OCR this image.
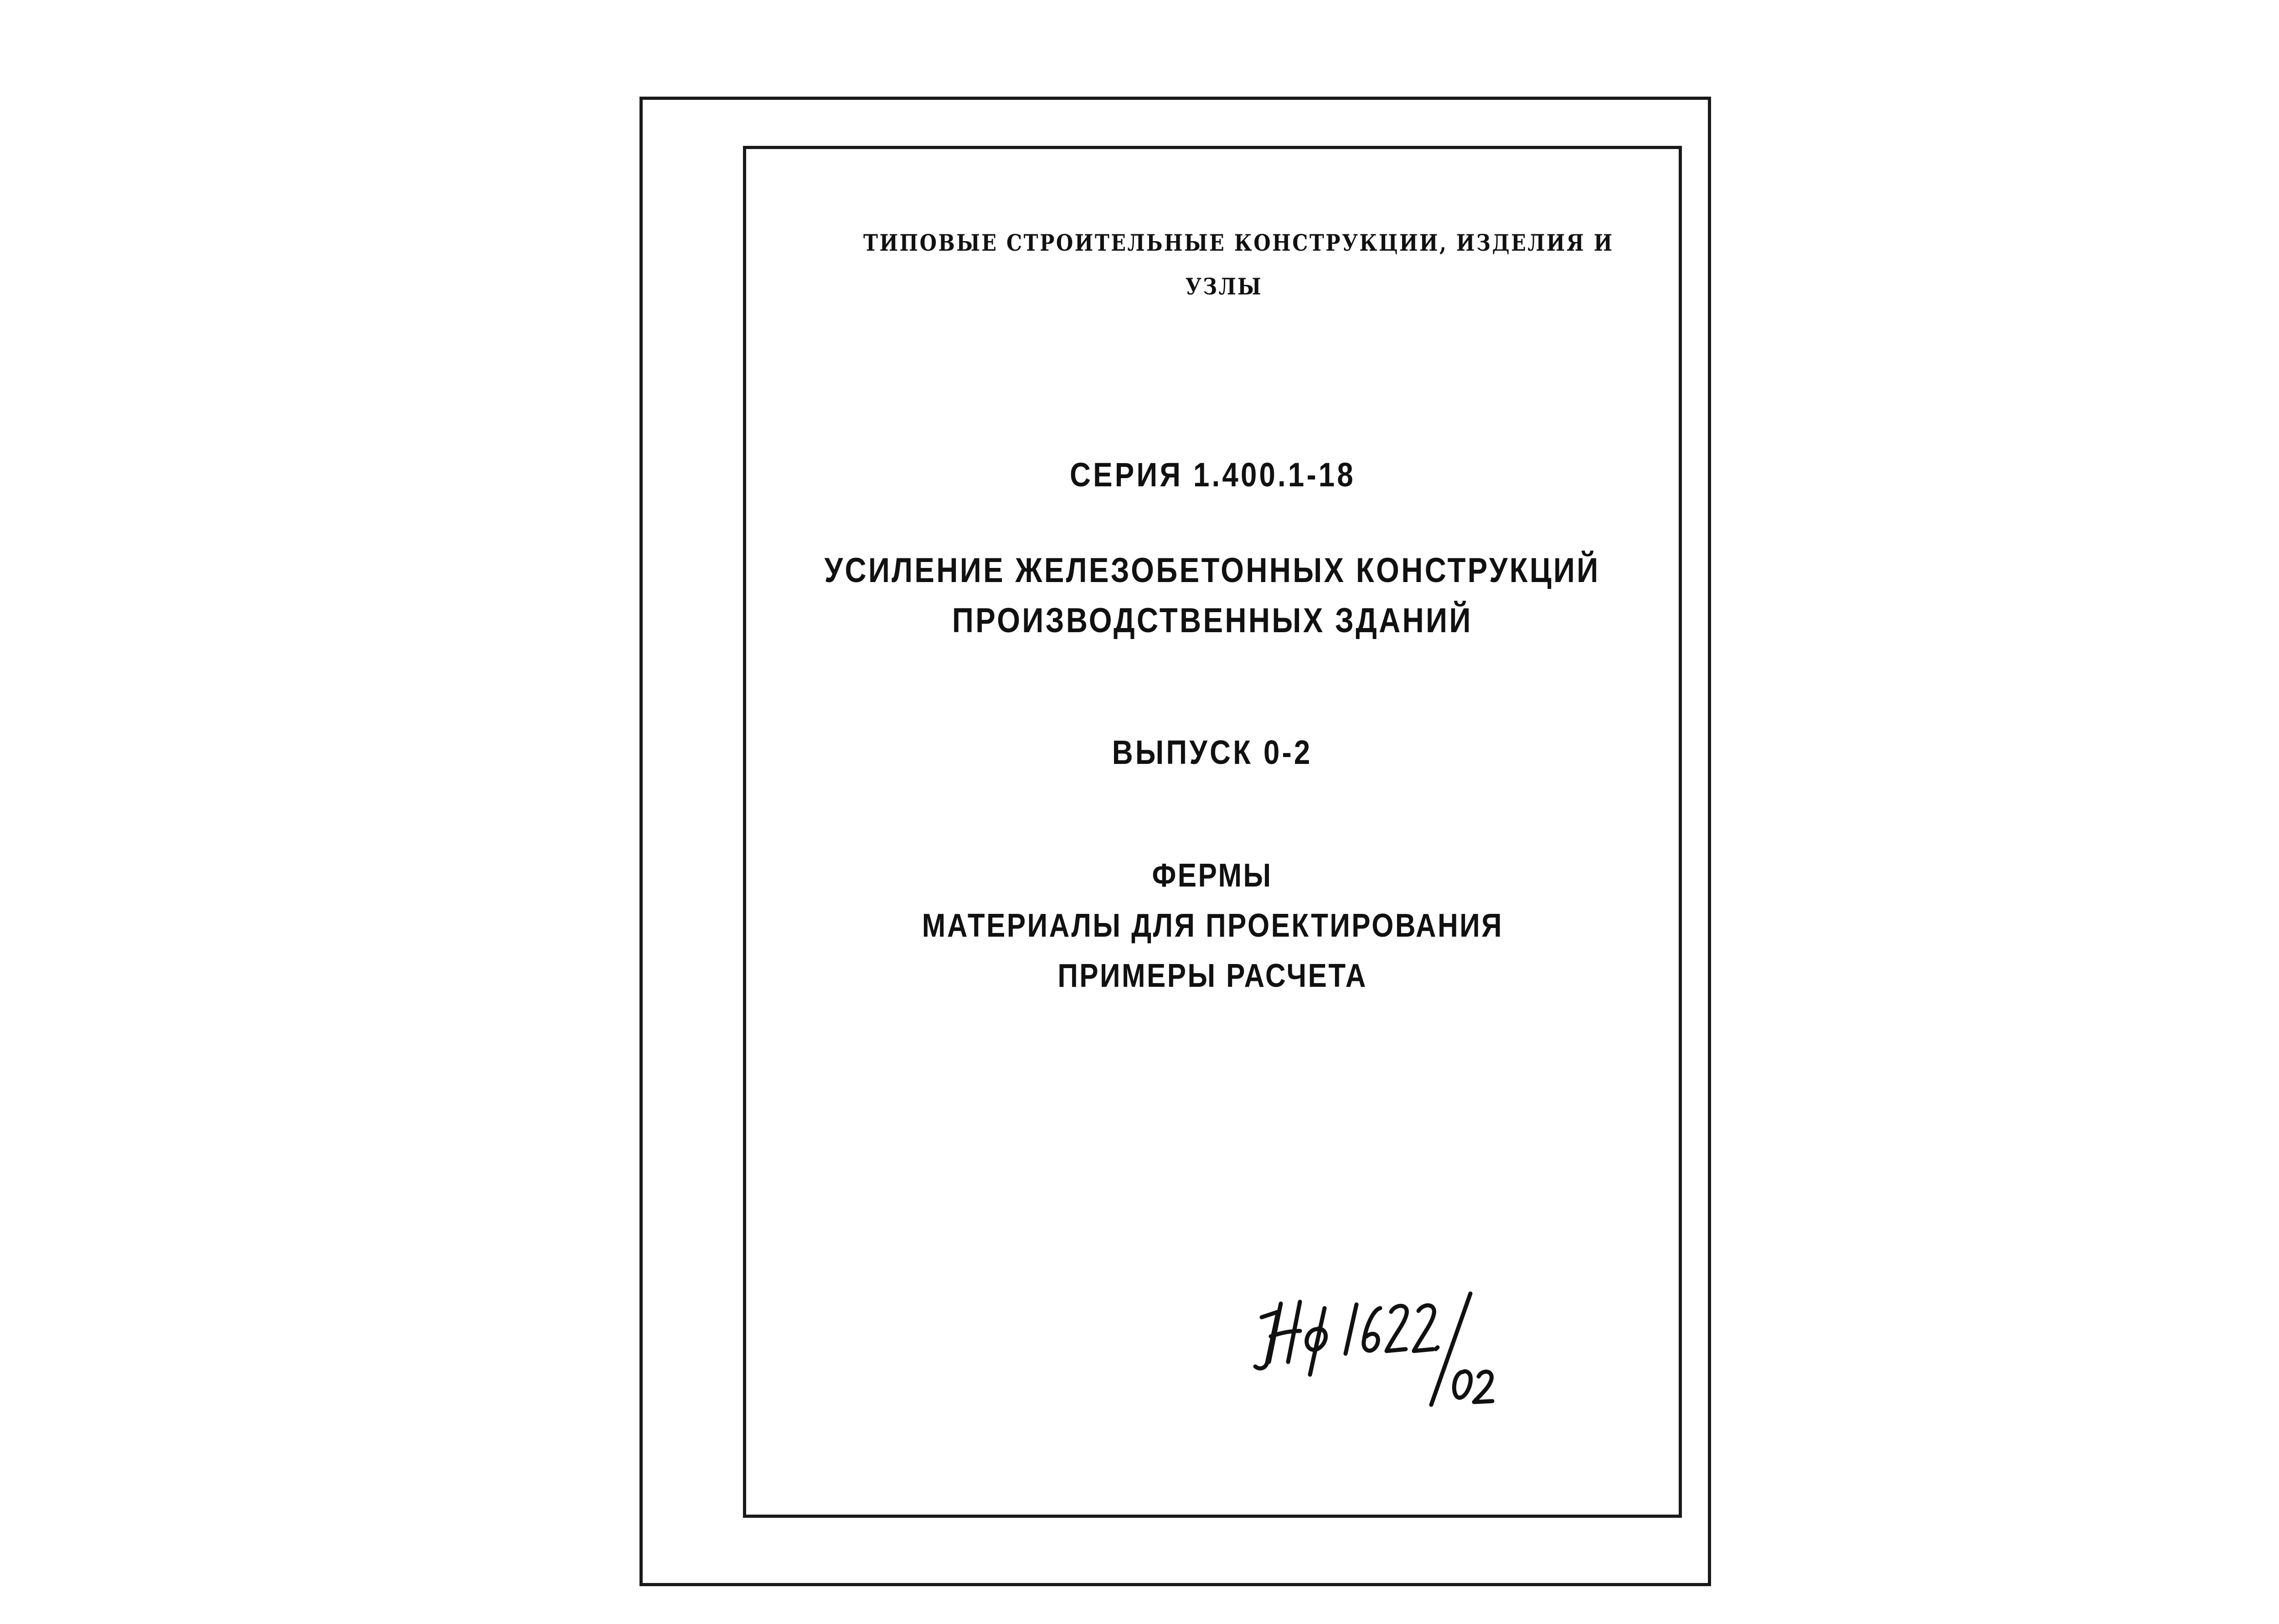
ТИПОВЫЕ СТРОИТЕЛЬНЫЕ КОНСТРУКЦИИ, ИЗДЕЛИЯ И
УЗЛЫ
СЕРИЯ 1.400.1-18
УСИЛЕНИЕ ЖЕЛЕЗОБЕТОННЫХ КОНСТРУКЦИЙ
ПРОИЗВОДСТВЕННЫХ ЗДАНИЙ
ВЫПУСК 0-2
ФЕРМЫ
МАТЕРИАЛЫ ДЛЯ ПРОЕКТИРОВАНИЯ
ПРИМЕРЫ РАСЧЕТА
